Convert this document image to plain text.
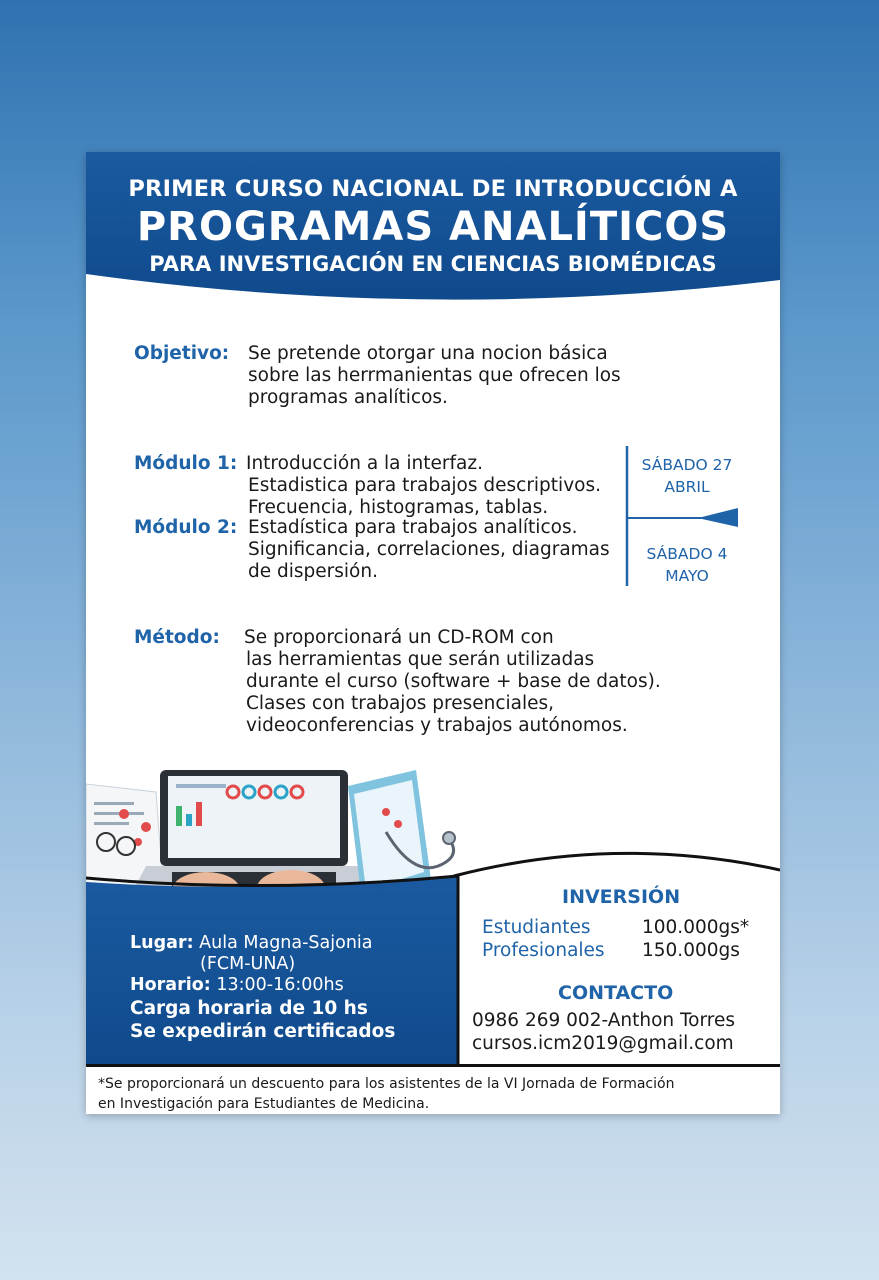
PRIMER CURSO NACIONAL DE INTRODUCCIÓN A
PROGRAMAS ANALÍTICOS
PARA INVESTIGACIÓN EN CIENCIAS BIOMÉDICAS
Objetivo: Se pretende otorgar una nocion básica
sobre las herrmanientas que ofrecen los
programas analíticos.
Módulo 1: Introducción a la interfaz.
Estadistica para trabajos descriptivos.
Frecuencia, histogramas, tablas.
Módulo 2: Estadística para trabajos analíticos.
Significancia, correlaciones, diagramas
de dispersión.
SÁBADO 27
ABRIL
SÁBADO 4
MAYO
Método: Se proporcionará un CD-ROM con
las herramientas que serán utilizadas
durante el curso (software + base de datos).
Clases con trabajos presenciales,
videoconferencias y trabajos autónomos.
Lugar: Aula Magna-Sajonia
(FCM-UNA)
Horario: 13:00-16:00hs
Carga horaria de 10 hs
Se expedirán certificados
INVERSIÓN
Estudiantes	100.000gs*
Profesionales 150.000gs
CONTACTO
0986 269 002-Anthon Torres
cursos.icm2019@gmail.com
*Se proporcionará un descuento para los asistentes de la VI Jornada de Formación
en Investigación para Estudiantes de Medicina.
